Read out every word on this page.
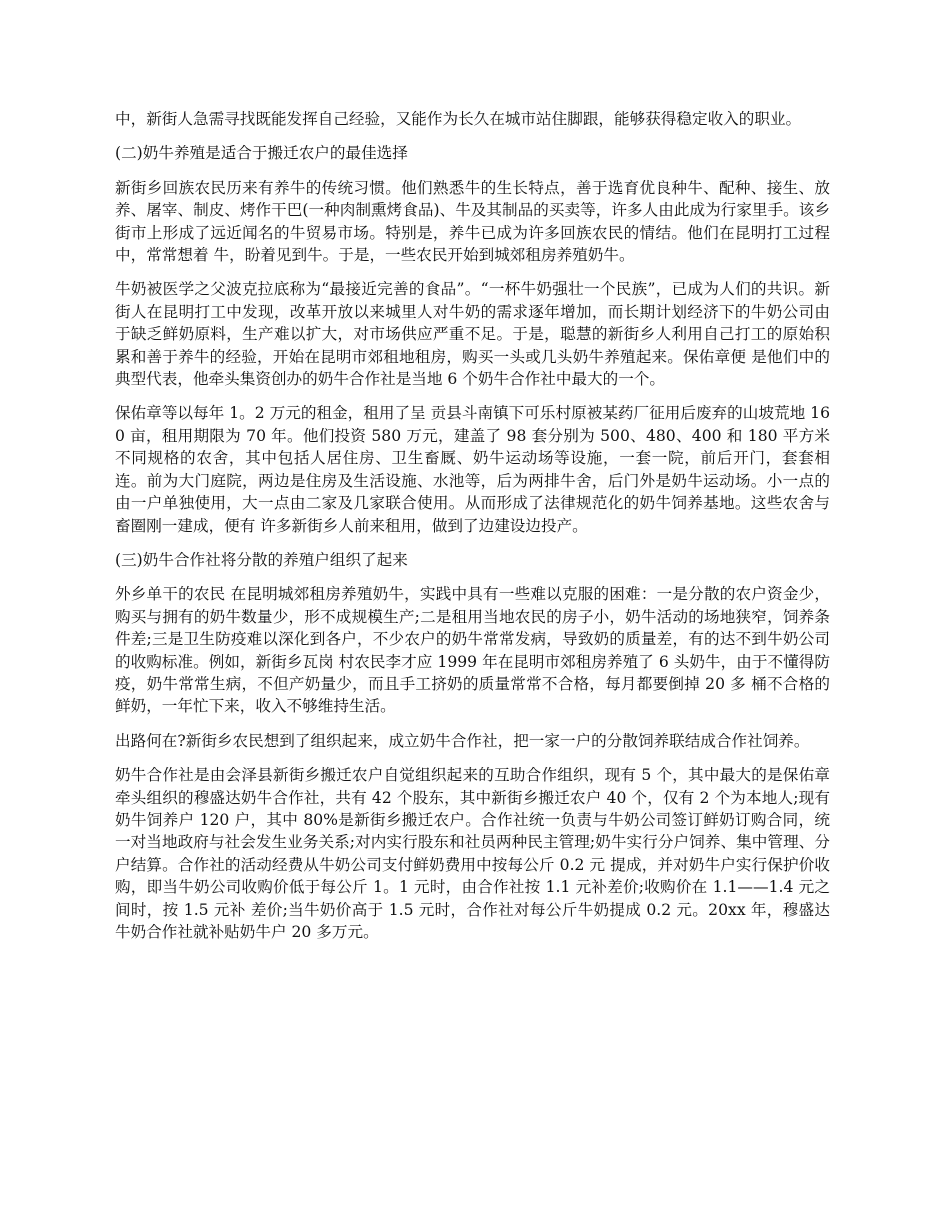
中，新街人急需寻找既能发挥自己经验，又能作为长久在城市站住脚跟，能够获得稳定收入的职业。

(二)奶牛养殖是适合于搬迁农户的最佳选择

新街乡回族农民历来有养牛的传统习惯。他们熟悉牛的生长特点，善于选育优良种牛、配种、接生、放养、屠宰、制皮、烤作干巴(一种肉制熏烤食品)、牛及其制品的买卖等，许多人由此成为行家里手。该乡街市上形成了远近闻名的牛贸易市场。特别是，养牛已成为许多回族农民的情结。他们在昆明打工过程中，常常想着 牛，盼着见到牛。于是，一些农民开始到城郊租房养殖奶牛。

牛奶被医学之父波克拉底称为“最接近完善的食品”。“一杯牛奶强壮一个民族”，已成为人们的共识。新街人在昆明打工中发现，改革开放以来城里人对牛奶的需求逐年增加，而长期计划经济下的牛奶公司由于缺乏鲜奶原料，生产难以扩大，对市场供应严重不足。于是，聪慧的新街乡人利用自己打工的原始积累和善于养牛的经验，开始在昆明市郊租地租房，购买一头或几头奶牛养殖起来。保佑章便 是他们中的典型代表，他牵头集资创办的奶牛合作社是当地 6 个奶牛合作社中最大的一个。

保佑章等以每年 1。2 万元的租金，租用了呈 贡县斗南镇下可乐村原被某药厂征用后废弃的山坡荒地 160 亩，租用期限为 70 年。他们投资 580 万元，建盖了 98 套分别为 500、480、400 和 180 平方米不同规格的农舍，其中包括人居住房、卫生畜厩、奶牛运动场等设施，一套一院，前后开门，套套相连。前为大门庭院，两边是住房及生活设施、水池等，后为两排牛舍，后门外是奶牛运动场。小一点的由一户单独使用，大一点由二家及几家联合使用。从而形成了法律规范化的奶牛饲养基地。这些农舍与畜圈刚一建成，便有 许多新街乡人前来租用，做到了边建设边投产。

(三)奶牛合作社将分散的养殖户组织了起来

外乡单干的农民 在昆明城郊租房养殖奶牛，实践中具有一些难以克服的困难：一是分散的农户资金少，购买与拥有的奶牛数量少，形不成规模生产;二是租用当地农民的房子小，奶牛活动的场地狭窄，饲养条件差;三是卫生防疫难以深化到各户，不少农户的奶牛常常发病，导致奶的质量差，有的达不到牛奶公司的收购标准。例如，新街乡瓦岗 村农民李才应 1999 年在昆明市郊租房养殖了 6 头奶牛，由于不懂得防疫，奶牛常常生病，不但产奶量少，而且手工挤奶的质量常常不合格，每月都要倒掉 20 多 桶不合格的鲜奶，一年忙下来，收入不够维持生活。

出路何在?新街乡农民想到了组织起来，成立奶牛合作社，把一家一户的分散饲养联结成合作社饲养。

奶牛合作社是由会泽县新街乡搬迁农户自觉组织起来的互助合作组织，现有 5 个，其中最大的是保佑章牵头组织的穆盛达奶牛合作社，共有 42 个股东，其中新街乡搬迁农户 40 个，仅有 2 个为本地人;现有奶牛饲养户 120 户，其中 80%是新街乡搬迁农户。合作社统一负责与牛奶公司签订鲜奶订购合同，统一对当地政府与社会发生业务关系;对内实行股东和社员两种民主管理;奶牛实行分户饲养、集中管理、分户结算。合作社的活动经费从牛奶公司支付鲜奶费用中按每公斤 0.2 元 提成，并对奶牛户实行保护价收购，即当牛奶公司收购价低于每公斤 1。1 元时，由合作社按 1.1 元补差价;收购价在 1.1——1.4 元之间时，按 1.5 元补 差价;当牛奶价高于 1.5 元时，合作社对每公斤牛奶提成 0.2 元。20xx 年，穆盛达牛奶合作社就补贴奶牛户 20 多万元。
